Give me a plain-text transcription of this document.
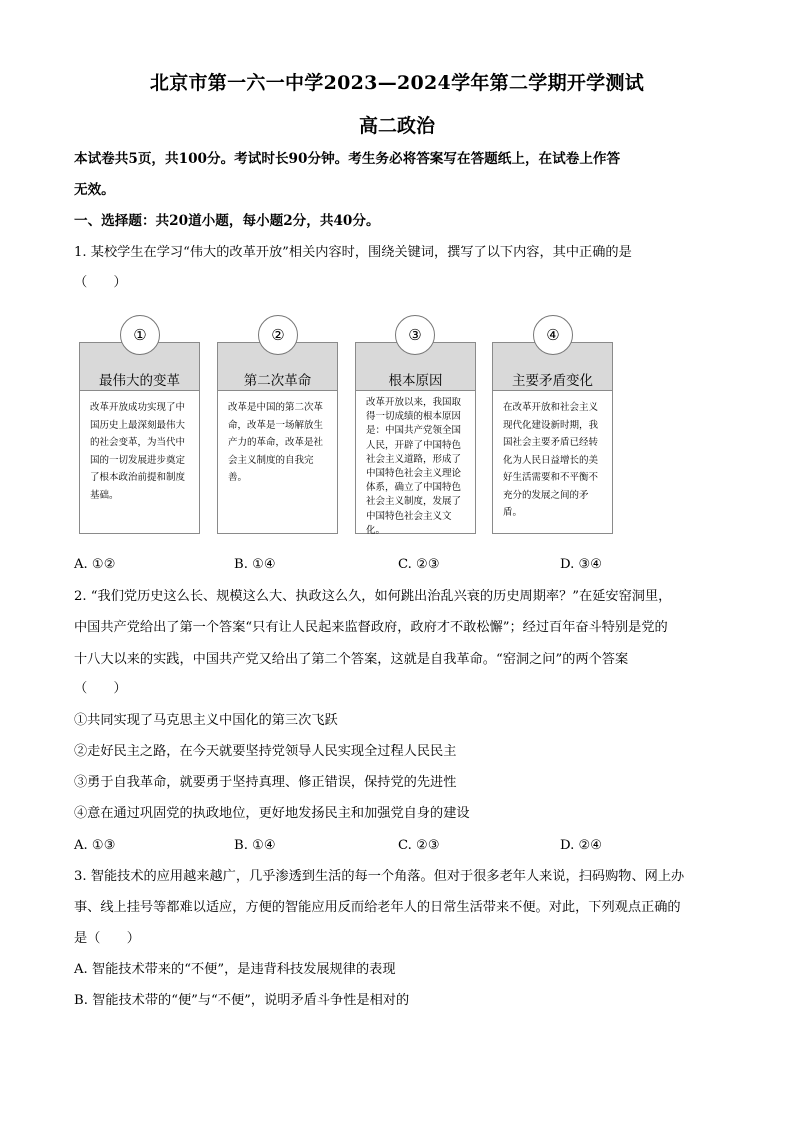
北京市第一六一中学2023—2024学年第二学期开学测试
高二政治
本试卷共5页，共100分。考试时长90分钟。考生务必将答案写在答题纸上，在试卷上作答
无效。
一、选择题：共20道小题，每小题2分，共40分。
1. 某校学生在学习“伟大的改革开放”相关内容时，围绕关键词，撰写了以下内容，其中正确的是
（　　）
最伟大的变革
改革开放成功实现了中国历史上最深刻最伟大的社会变革，为当代中国的一切发展进步奠定了根本政治前提和制度基础。
第二次革命
改革是中国的第二次革命，改革是一场解放生产力的革命，改革是社会主义制度的自我完善。
根本原因
改革开放以来，我国取得一切成绩的根本原因是：中国共产党领全国人民，开辟了中国特色社会主义道路，形成了中国特色社会主义理论体系，确立了中国特色社会主义制度，发展了中国特色社会主义文化。
主要矛盾变化
在改革开放和社会主义现代化建设新时期，我国社会主要矛盾已经转化为人民日益增长的美好生活需要和不平衡不充分的发展之间的矛盾。
①	②	③	④
A. ①②	B. ①④	C. ②③	D. ③④
2. “我们党历史这么长、规模这么大、执政这么久，如何跳出治乱兴衰的历史周期率？”在延安窑洞里，
中国共产党给出了第一个答案“只有让人民起来监督政府，政府才不敢松懈”；经过百年奋斗特别是党的
十八大以来的实践，中国共产党又给出了第二个答案，这就是自我革命。“窑洞之问”的两个答案
（　　）
①共同实现了马克思主义中国化的第三次飞跃
②走好民主之路，在今天就要坚持党领导人民实现全过程人民民主
③勇于自我革命，就要勇于坚持真理、修正错误，保持党的先进性
④意在通过巩固党的执政地位，更好地发扬民主和加强党自身的建设
A. ①③	B. ①④	C. ②③	D. ②④
3. 智能技术的应用越来越广，几乎渗透到生活的每一个角落。但对于很多老年人来说，扫码购物、网上办
事、线上挂号等都难以适应，方便的智能应用反而给老年人的日常生活带来不便。对此，下列观点正确的
是（　　）
A. 智能技术带来的“不便”，是违背科技发展规律的表现
B. 智能技术带的“便”与“不便”，说明矛盾斗争性是相对的
